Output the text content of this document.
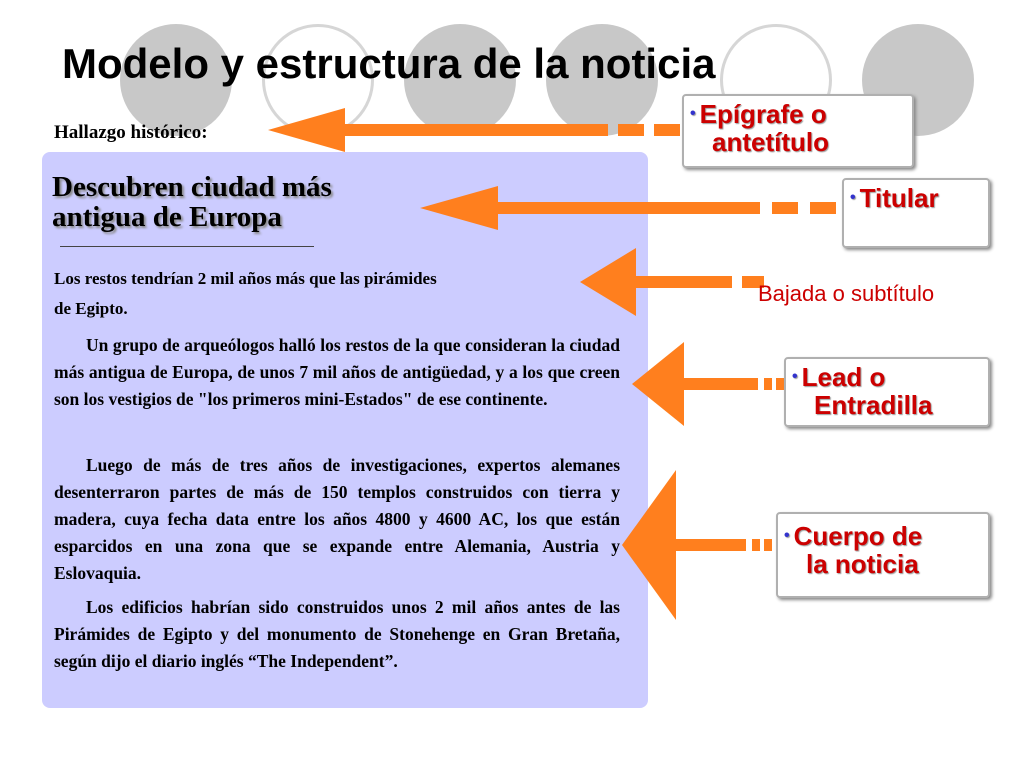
Modelo y estructura de la noticia
Hallazgo histórico:
Descubren ciudad más
antigua de Europa
Los restos tendrían 2 mil años más que las pirámides
de Egipto.

Un grupo de arqueólogos halló los restos de la que consideran la ciudad más antigua de Europa, de unos 7 mil años de antigüedad, y a los que creen son los vestigios de "los primeros mini-Estados" de ese continente.

Luego de más de tres años de investigaciones, expertos alemanes desenterraron partes de más de 150 templos construidos con tierra y madera, cuya fecha data entre los años 4800 y 4600 AC, los que están esparcidos en una zona que se expande entre Alemania, Austria y Eslovaquia.

Los edificios habrían sido construidos unos 2 mil años antes de las Pirámides de Egipto y del monumento de Stonehenge en Gran Bretaña, según dijo el diario inglés “The Independent”.

• Epígrafe o
antetítulo
• Titular
Bajada o subtítulo
• Lead o
Entradilla
• Cuerpo de
la noticia
